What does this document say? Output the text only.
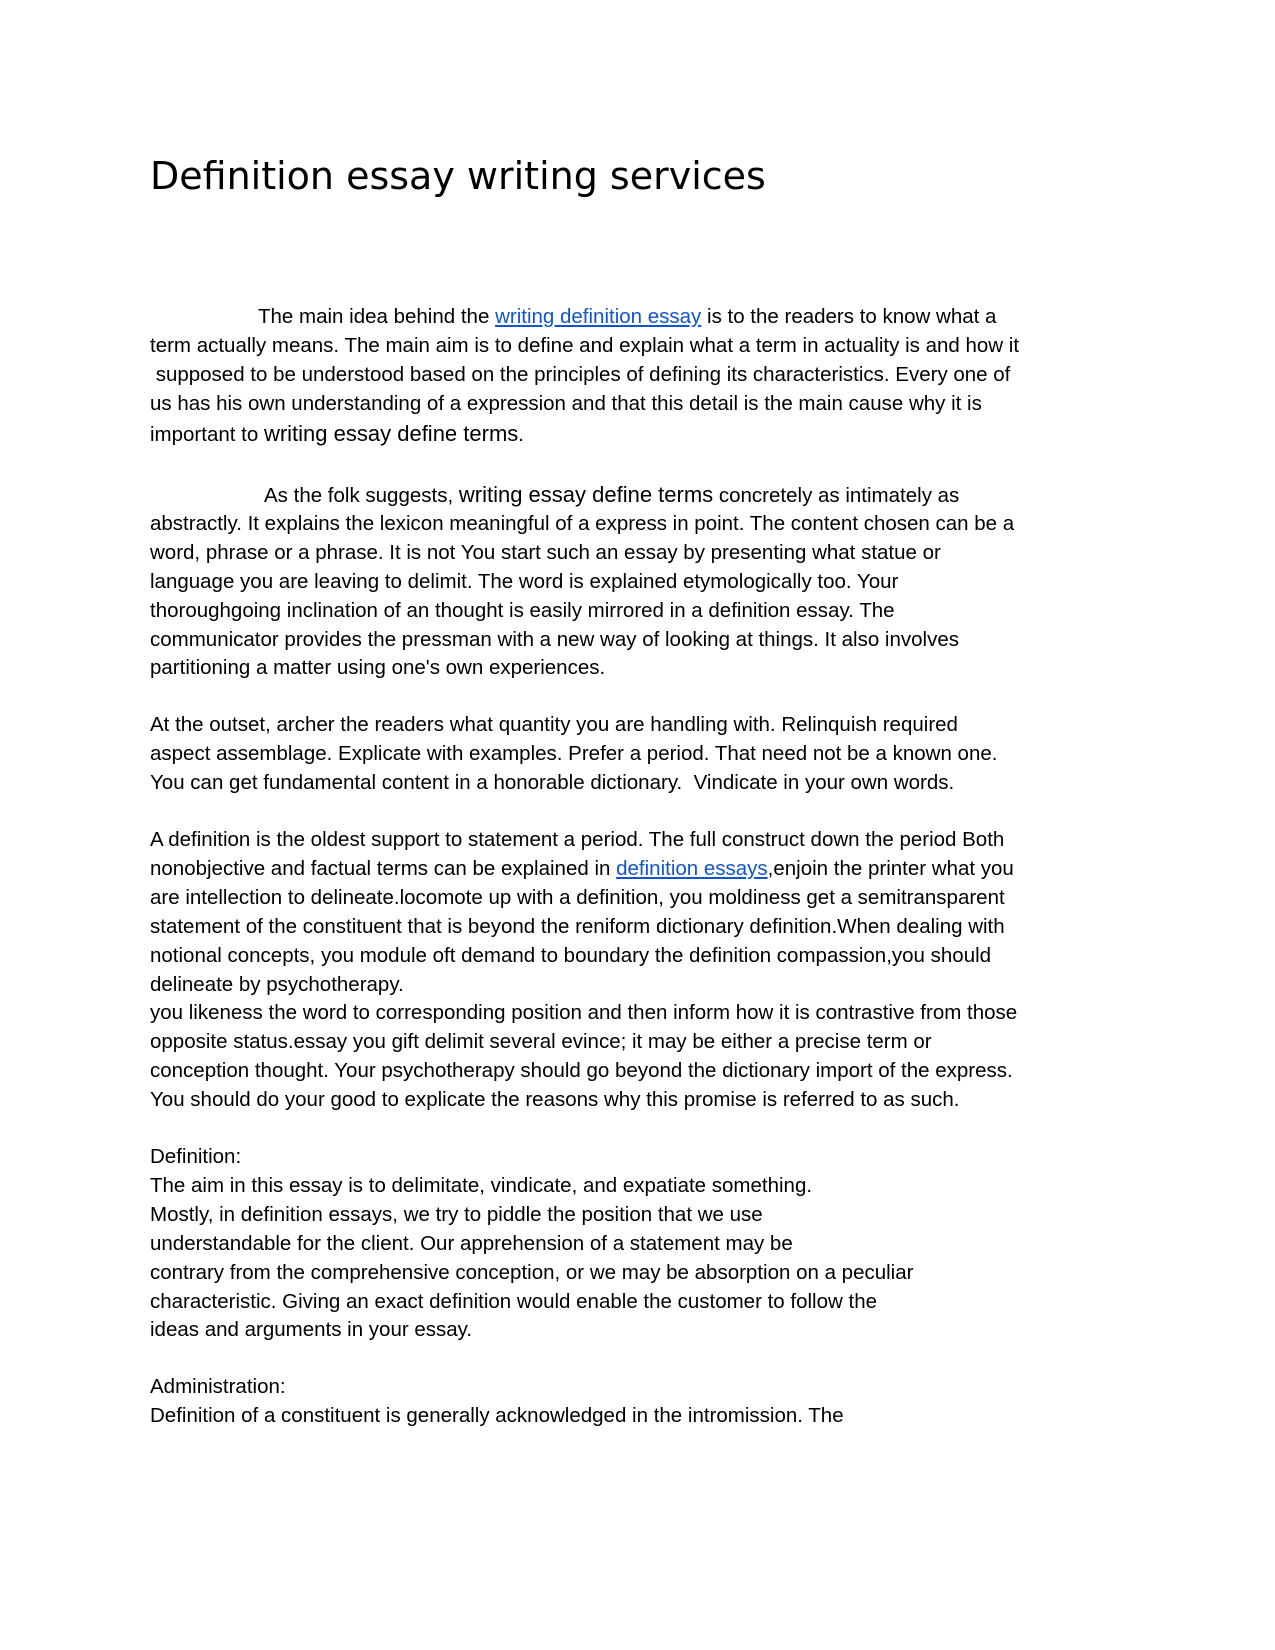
Definition essay writing services
The main idea behind the writing definition essay is to the readers to know what a
term actually means. The main aim is to define and explain what a term in actuality is and how it
supposed to be understood based on the principles of defining its characteristics. Every one of
us has his own understanding of a expression and that this detail is the main cause why it is
important to writing essay define terms.
As the folk suggests, writing essay define terms concretely as intimately as
abstractly. It explains the lexicon meaningful of a express in point. The content chosen can be a
word, phrase or a phrase. It is not You start such an essay by presenting what statue or
language you are leaving to delimit. The word is explained etymologically too. Your
thoroughgoing inclination of an thought is easily mirrored in a definition essay. The
communicator provides the pressman with a new way of looking at things. It also involves
partitioning a matter using one's own experiences.
At the outset, archer the readers what quantity you are handling with. Relinquish required
aspect assemblage. Explicate with examples. Prefer a period. That need not be a known one.
You can get fundamental content in a honorable dictionary.  Vindicate in your own words.
A definition is the oldest support to statement a period. The full construct down the period Both
nonobjective and factual terms can be explained in definition essays,enjoin the printer what you
are intellection to delineate.locomote up with a definition, you moldiness get a semitransparent
statement of the constituent that is beyond the reniform dictionary definition.When dealing with
notional concepts, you module oft demand to boundary the definition compassion,you should
delineate by psychotherapy.
you likeness the word to corresponding position and then inform how it is contrastive from those
opposite status.essay you gift delimit several evince; it may be either a precise term or
conception thought. Your psychotherapy should go beyond the dictionary import of the express.
You should do your good to explicate the reasons why this promise is referred to as such.
Definition:
The aim in this essay is to delimitate, vindicate, and expatiate something.
Mostly, in definition essays, we try to piddle the position that we use
understandable for the client. Our apprehension of a statement may be
contrary from the comprehensive conception, or we may be absorption on a peculiar
characteristic. Giving an exact definition would enable the customer to follow the
ideas and arguments in your essay.
Administration:
Definition of a constituent is generally acknowledged in the intromission. The
